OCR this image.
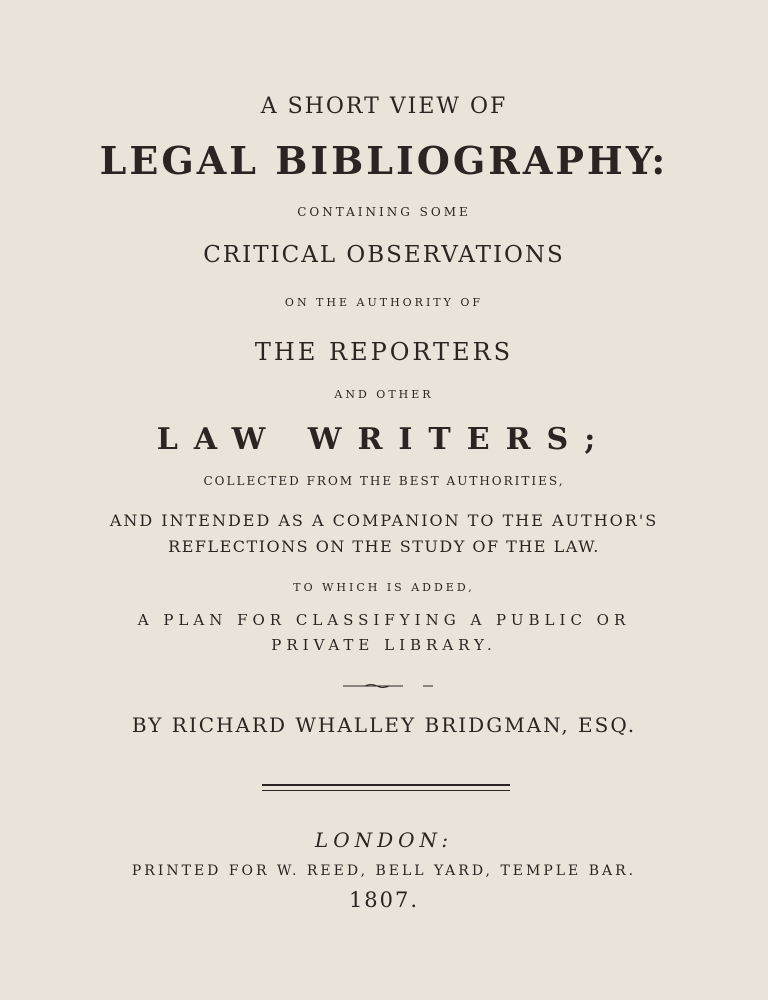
A SHORT VIEW OF
LEGAL BIBLIOGRAPHY:
CONTAINING SOME
CRITICAL OBSERVATIONS
ON THE AUTHORITY OF
THE REPORTERS
AND OTHER
LAW WRITERS;
COLLECTED FROM THE BEST AUTHORITIES,
AND INTENDED AS A COMPANION TO THE AUTHOR'S
REFLECTIONS ON THE STUDY OF THE LAW.
TO WHICH IS ADDED,
A PLAN FOR CLASSIFYING A PUBLIC OR
PRIVATE LIBRARY.
BY RICHARD WHALLEY BRIDGMAN, ESQ.
LONDON:
PRINTED FOR W. REED, BELL YARD, TEMPLE BAR.
1807.
